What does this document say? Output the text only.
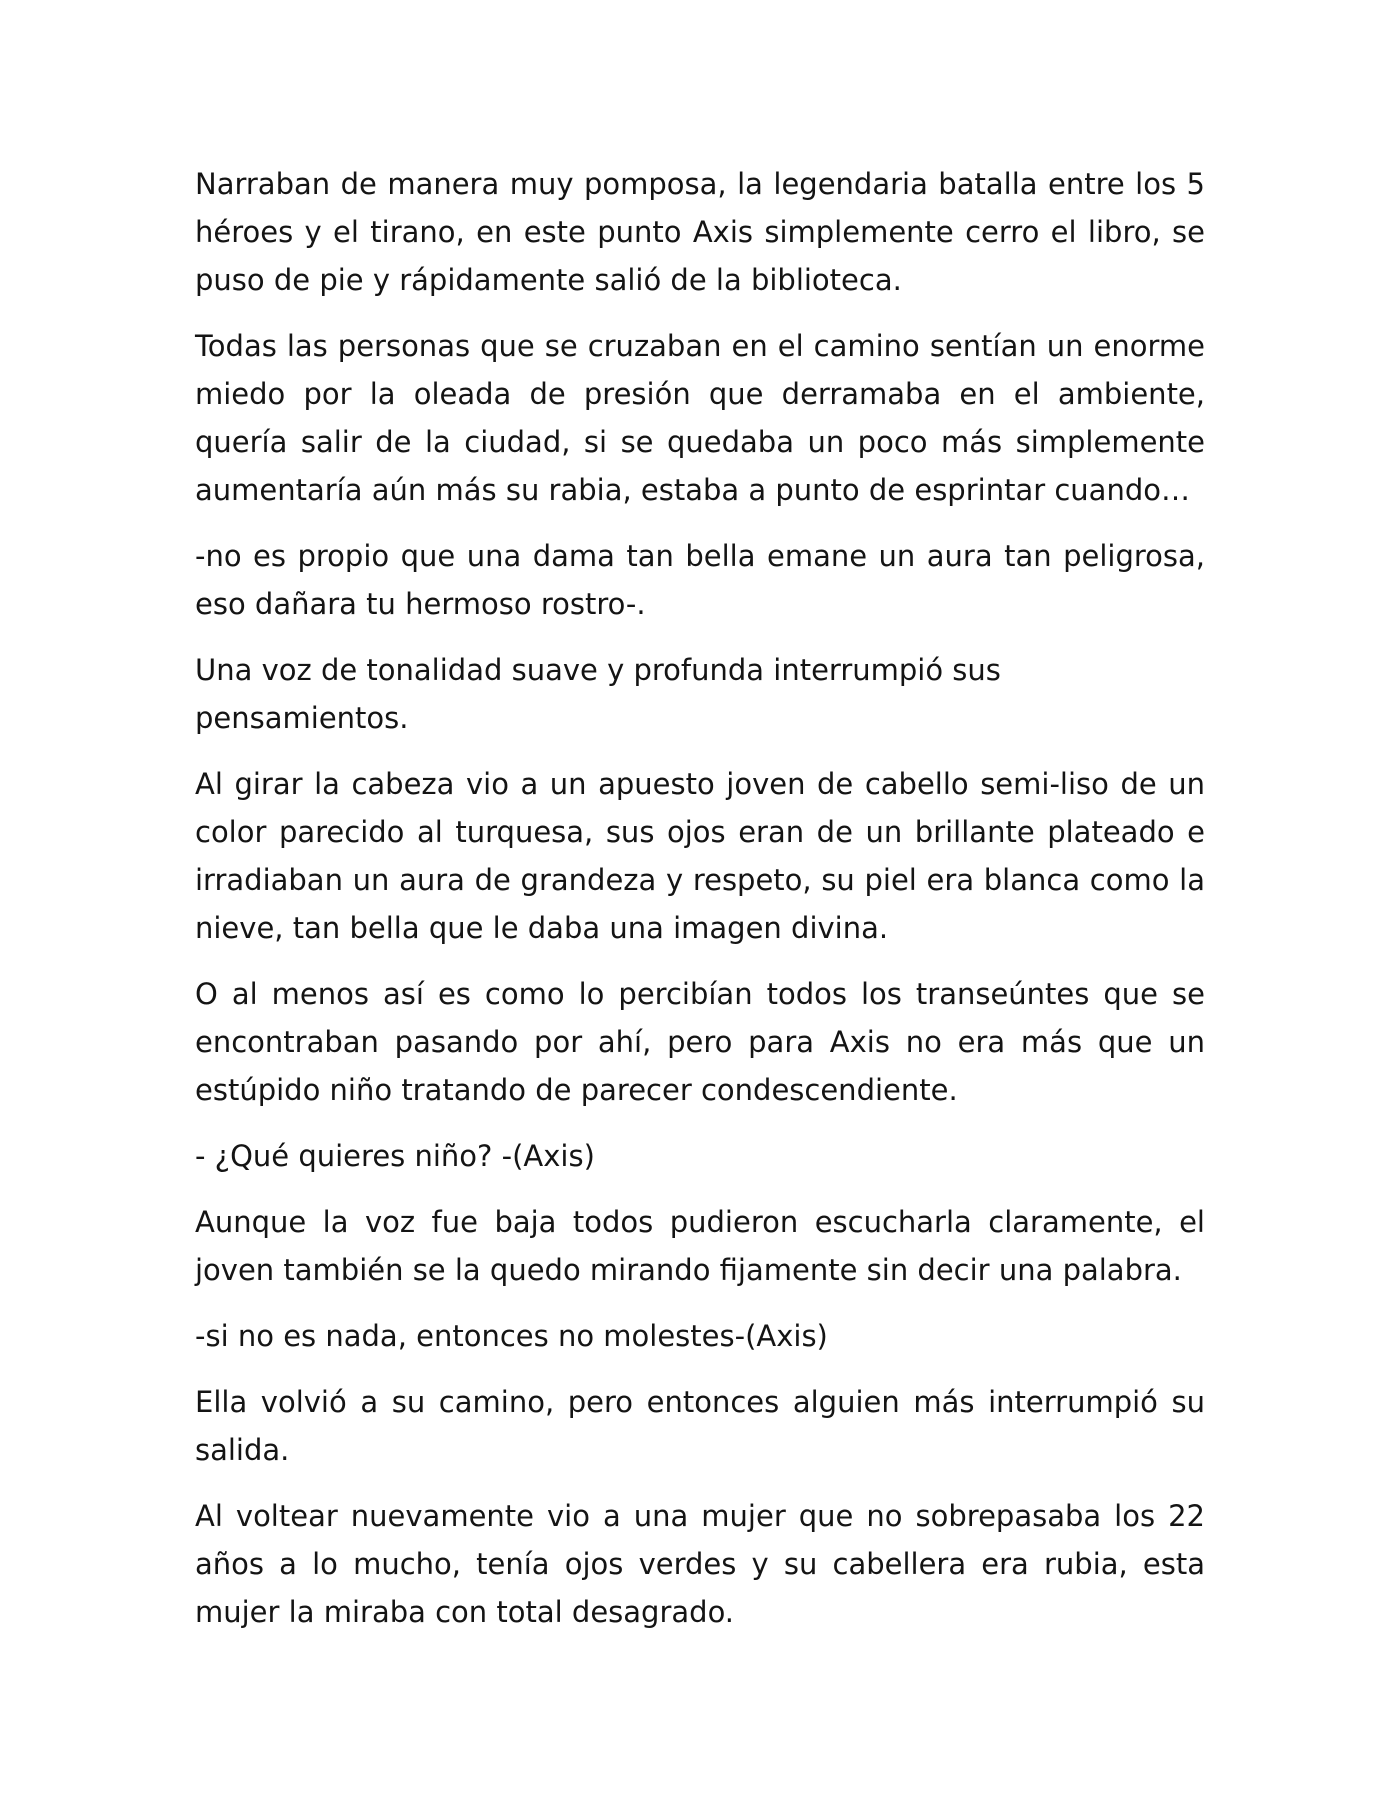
Narraban de manera muy pomposa, la legendaria batalla entre los 5 héroes y el tirano, en este punto Axis simplemente cerro el libro, se puso de pie y rápidamente salió de la biblioteca.

Todas las personas que se cruzaban en el camino sentían un enorme miedo por la oleada de presión que derramaba en el ambiente, quería salir de la ciudad, si se quedaba un poco más simplemente aumentaría aún más su rabia, estaba a punto de esprintar cuando…

-no es propio que una dama tan bella emane un aura tan peligrosa, eso dañara tu hermoso rostro-.

Una voz de tonalidad suave y profunda interrumpió sus pensamientos.

Al girar la cabeza vio a un apuesto joven de cabello semi-liso de un color parecido al turquesa, sus ojos eran de un brillante plateado e irradiaban un aura de grandeza y respeto, su piel era blanca como la nieve, tan bella que le daba una imagen divina.

O al menos así es como lo percibían todos los transeúntes que se encontraban pasando por ahí, pero para Axis no era más que un estúpido niño tratando de parecer condescendiente.

- ¿Qué quieres niño? -(Axis)

Aunque la voz fue baja todos pudieron escucharla claramente, el joven también se la quedo mirando fijamente sin decir una palabra.

-si no es nada, entonces no molestes-(Axis)

Ella volvió a su camino, pero entonces alguien más interrumpió su salida.

Al voltear nuevamente vio a una mujer que no sobrepasaba los 22 años a lo mucho, tenía ojos verdes y su cabellera era rubia, esta mujer la miraba con total desagrado.
